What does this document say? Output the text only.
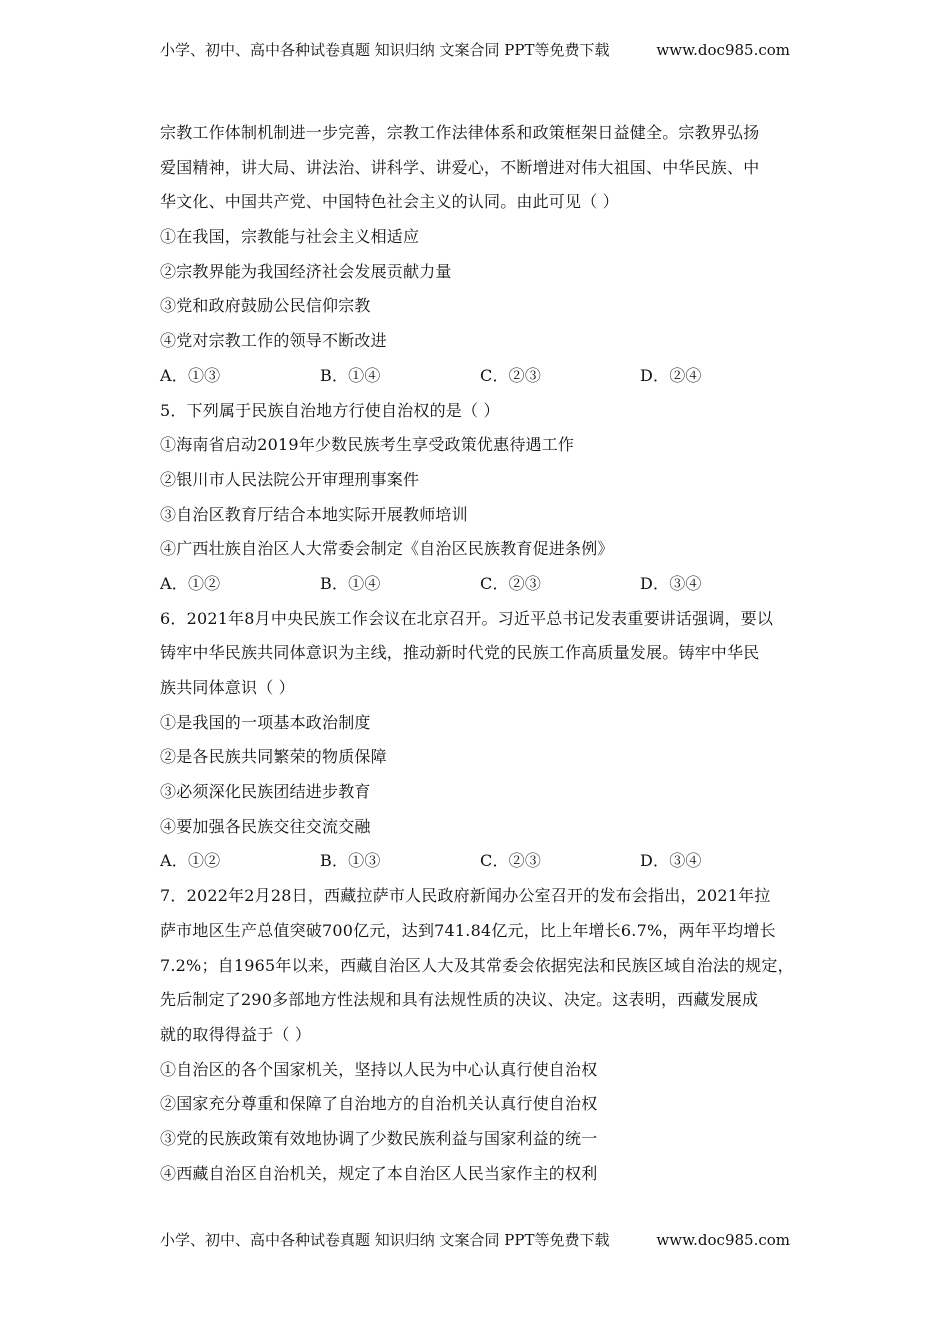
小学、初中、高中各种试卷真题 知识归纳 文案合同 PPT等免费下载	www.doc985.com
宗教工作体制机制进一步完善，宗教工作法律体系和政策框架日益健全。宗教界弘扬
爱国精神，讲大局、讲法治、讲科学、讲爱心，不断增进对伟大祖国、中华民族、中
华文化、中国共产党、中国特色社会主义的认同。由此可见（ ）
①在我国，宗教能与社会主义相适应
②宗教界能为我国经济社会发展贡献力量
③党和政府鼓励公民信仰宗教
④党对宗教工作的领导不断改进
A．①③	B．①④	C．②③	D．②④
5．下列属于民族自治地方行使自治权的是（ ）
①海南省启动2019年少数民族考生享受政策优惠待遇工作
②银川市人民法院公开审理刑事案件
③自治区教育厅结合本地实际开展教师培训
④广西壮族自治区人大常委会制定《自治区民族教育促进条例》
A．①②	B．①④	C．②③	D．③④
6．2021年8月中央民族工作会议在北京召开。习近平总书记发表重要讲话强调，要以
铸牢中华民族共同体意识为主线，推动新时代党的民族工作高质量发展。铸牢中华民
族共同体意识（ ）
①是我国的一项基本政治制度
②是各民族共同繁荣的物质保障
③必须深化民族团结进步教育
④要加强各民族交往交流交融
A．①②	B．①③	C．②③	D．③④
7．2022年2月28日，西藏拉萨市人民政府新闻办公室召开的发布会指出，2021年拉
萨市地区生产总值突破700亿元，达到741.84亿元，比上年增长6.7%，两年平均增长
7.2%；自1965年以来，西藏自治区人大及其常委会依据宪法和民族区域自治法的规定，
先后制定了290多部地方性法规和具有法规性质的决议、决定。这表明，西藏发展成
就的取得得益于（ ）
①自治区的各个国家机关，坚持以人民为中心认真行使自治权
②国家充分尊重和保障了自治地方的自治机关认真行使自治权
③党的民族政策有效地协调了少数民族利益与国家利益的统一
④西藏自治区自治机关，规定了本自治区人民当家作主的权利
小学、初中、高中各种试卷真题 知识归纳 文案合同 PPT等免费下载	www.doc985.com
